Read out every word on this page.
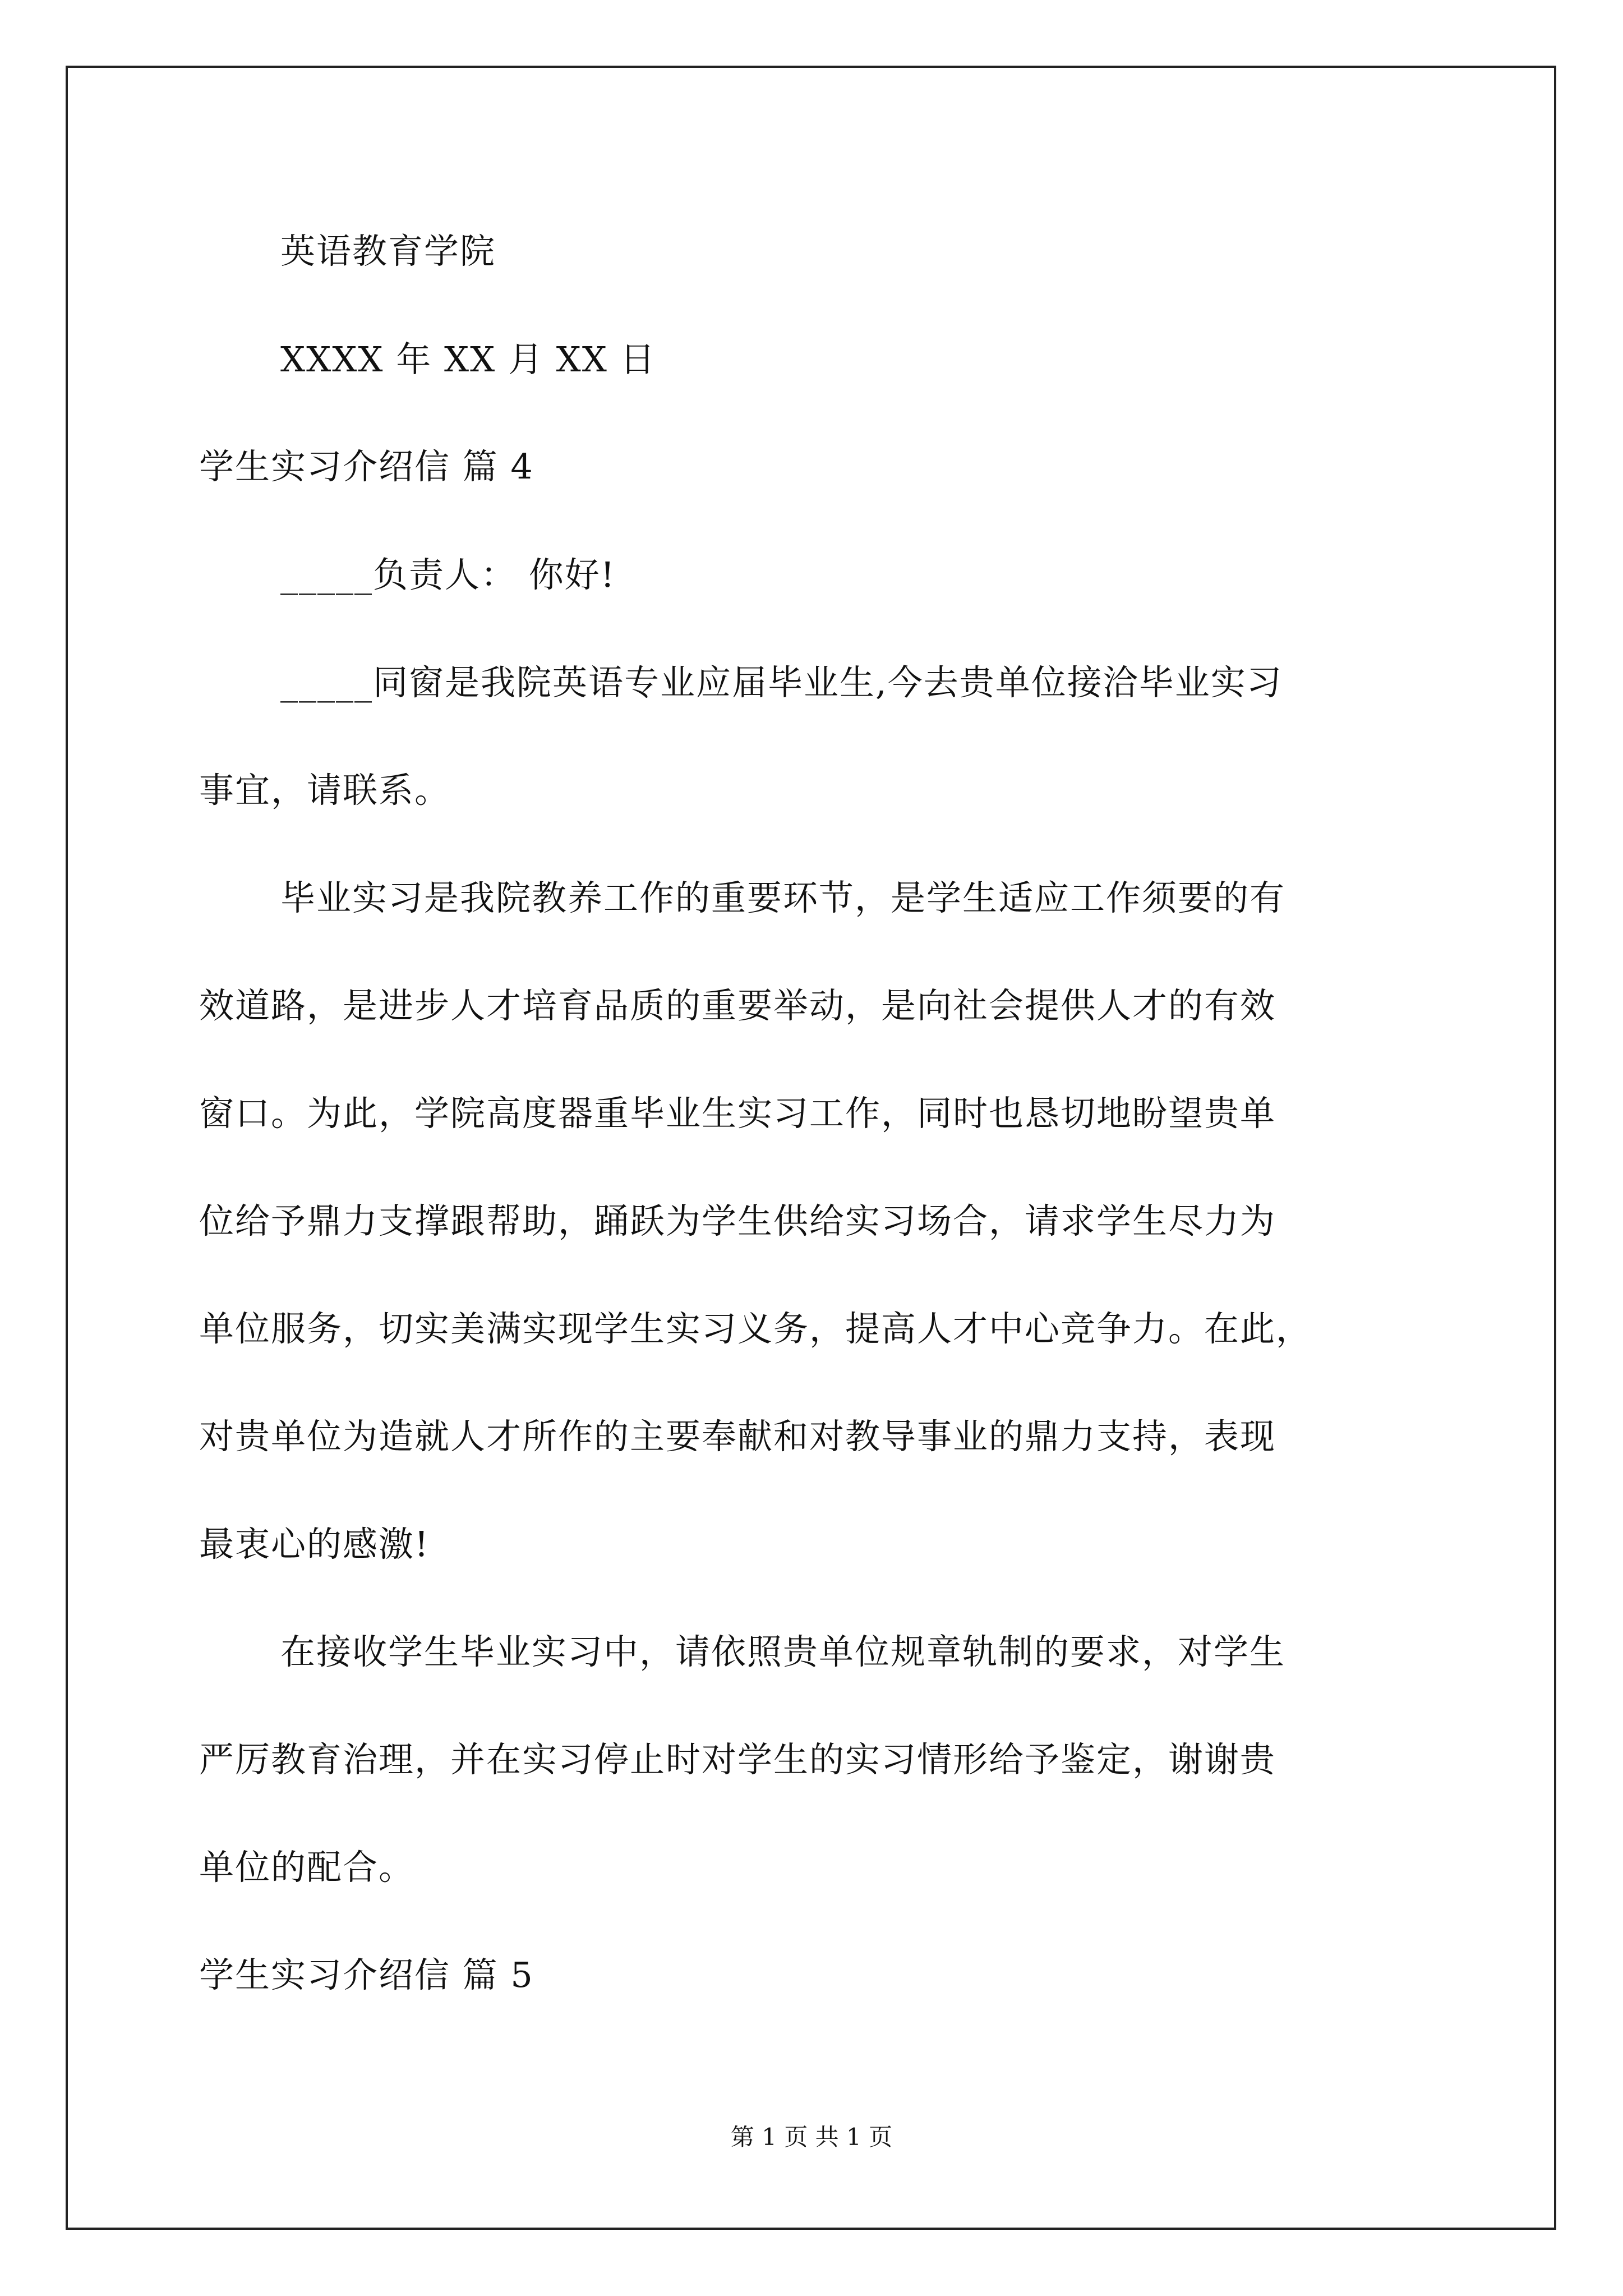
英语教育学院
XXXX 年 XX 月 XX 日
学生实习介绍信 篇 4
_____负责人： 你好!
_____同窗是我院英语专业应届毕业生,今去贵单位接洽毕业实习
事宜，请联系。
毕业实习是我院教养工作的重要环节，是学生适应工作须要的有
效道路，是进步人才培育品质的重要举动，是向社会提供人才的有效
窗口。为此，学院高度器重毕业生实习工作，同时也恳切地盼望贵单
位给予鼎力支撑跟帮助，踊跃为学生供给实习场合，请求学生尽力为
单位服务，切实美满实现学生实习义务，提高人才中心竞争力。在此，
对贵单位为造就人才所作的主要奉献和对教导事业的鼎力支持，表现
最衷心的感激!
在接收学生毕业实习中，请依照贵单位规章轨制的要求，对学生
严厉教育治理，并在实习停止时对学生的实习情形给予鉴定，谢谢贵
单位的配合。
学生实习介绍信 篇 5
第 1 页 共 1 页
